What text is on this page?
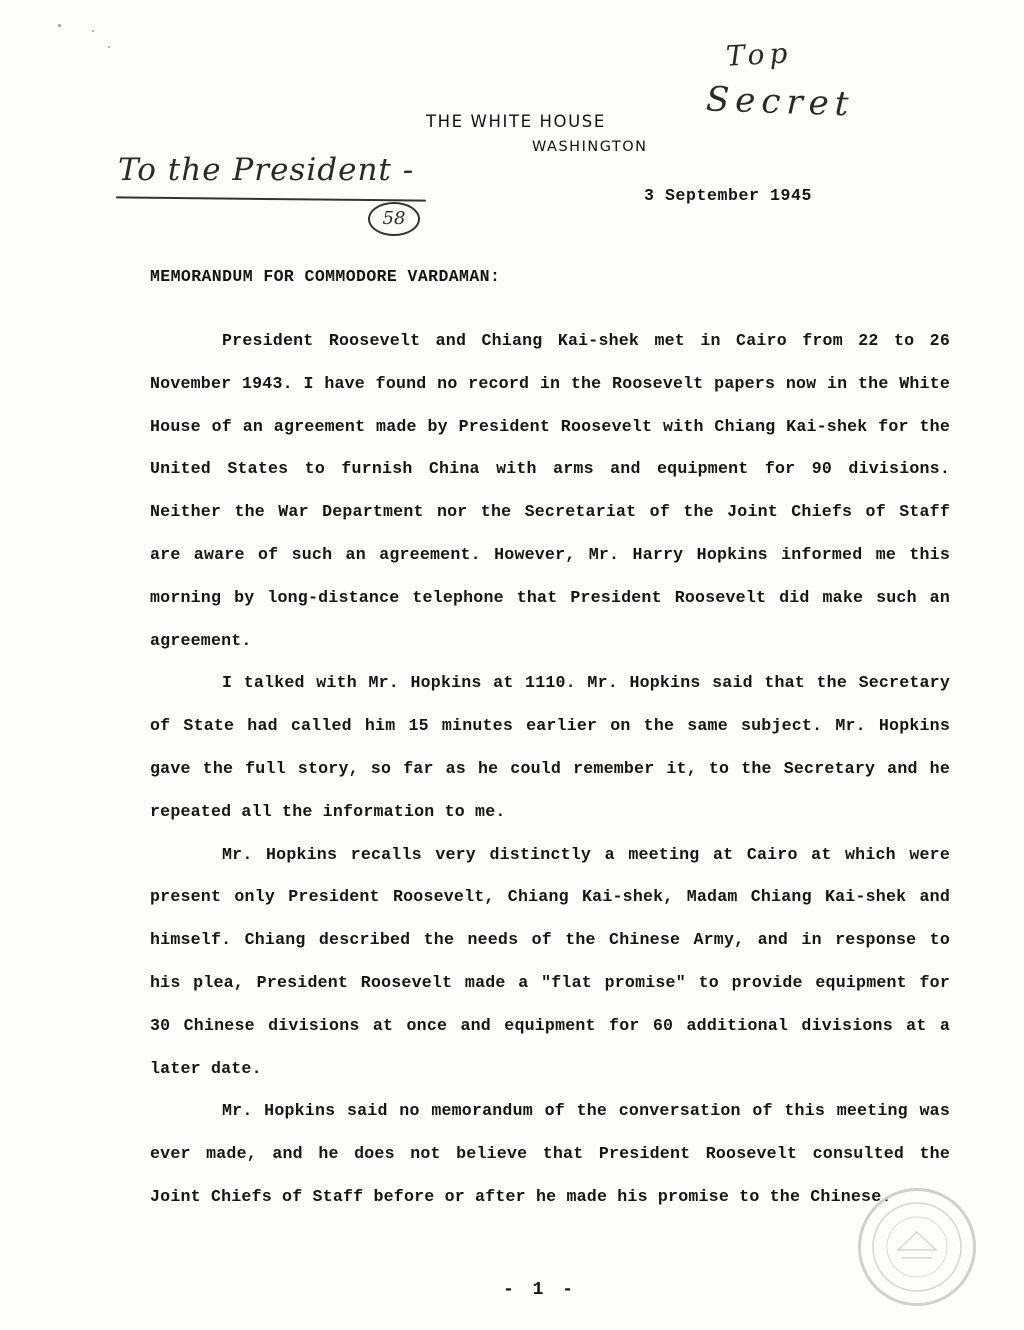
Top
Secret
THE WHITE HOUSE
WASHINGTON
To the President -
58
3 September 1945
MEMORANDUM FOR COMMODORE VARDAMAN:

President Roosevelt and Chiang Kai-shek met in Cairo from 22 to 26 November 1943. I have found no record in the Roosevelt papers now in the White House of an agreement made by President Roosevelt with Chiang Kai-shek for the United States to furnish China with arms and equipment for 90 divisions. Neither the War Department nor the Secretariat of the Joint Chiefs of Staff are aware of such an agreement. However, Mr. Harry Hopkins informed me this morning by long-distance telephone that President Roosevelt did make such an agreement.

I talked with Mr. Hopkins at 1110. Mr. Hopkins said that the Secretary of State had called him 15 minutes earlier on the same subject. Mr. Hopkins gave the full story, so far as he could remember it, to the Secretary and he repeated all the information to me.

Mr. Hopkins recalls very distinctly a meeting at Cairo at which were present only President Roosevelt, Chiang Kai-shek, Madam Chiang Kai-shek and himself. Chiang described the needs of the Chinese Army, and in response to his plea, President Roosevelt made a "flat promise" to provide equipment for 30 Chinese divisions at once and equipment for 60 additional divisions at a later date.

Mr. Hopkins said no memorandum of the conversation of this meeting was ever made, and he does not believe that President Roosevelt consulted the Joint Chiefs of Staff before or after he made his promise to the Chinese.

- 1 -
